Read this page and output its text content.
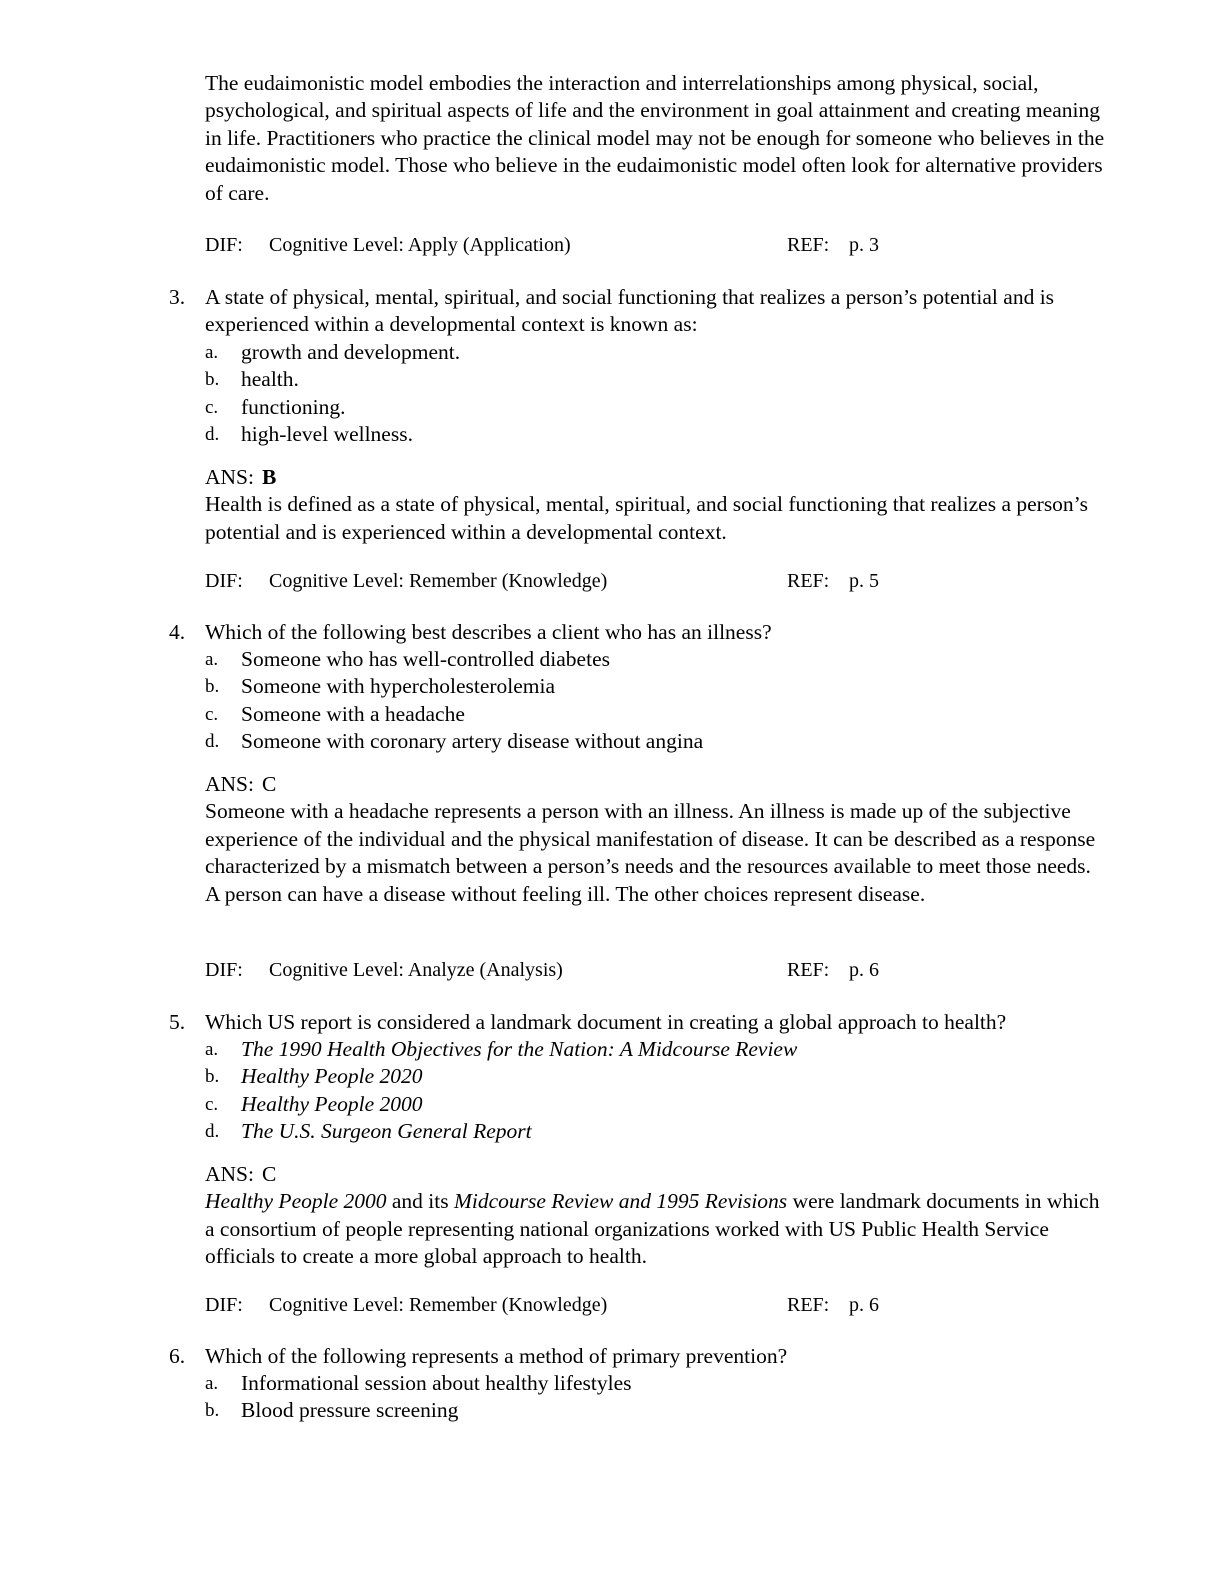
The eudaimonistic model embodies the interaction and interrelationships among physical, social, psychological, and spiritual aspects of life and the environment in goal attainment and creating meaning in life. Practitioners who practice the clinical model may not be enough for someone who believes in the eudaimonistic model. Those who believe in the eudaimonistic model often look for alternative providers of care.

DIF: Cognitive Level: Apply (Application)	REF: p. 3
3. A state of physical, mental, spiritual, and social functioning that realizes a person’s potential and is experienced within a developmental context is known as:

a. growth and development.
b. health.
c. functioning.
d. high-level wellness.
ANS: B

Health is defined as a state of physical, mental, spiritual, and social functioning that realizes a person’s potential and is experienced within a developmental context.

DIF: Cognitive Level: Remember (Knowledge)	REF: p. 5
4. Which of the following best describes a client who has an illness?

a. Someone who has well-controlled diabetes
b. Someone with hypercholesterolemia
c. Someone with a headache
d. Someone with coronary artery disease without angina
ANS: C

Someone with a headache represents a person with an illness. An illness is made up of the subjective experience of the individual and the physical manifestation of disease. It can be described as a response characterized by a mismatch between a person’s needs and the resources available to meet those needs. A person can have a disease without feeling ill. The other choices represent disease.

DIF: Cognitive Level: Analyze (Analysis)	REF: p. 6
5. Which US report is considered a landmark document in creating a global approach to health?

a. The 1990 Health Objectives for the Nation: A Midcourse Review
b. Healthy People 2020
c. Healthy People 2000
d. The U.S. Surgeon General Report
ANS: C

Healthy People 2000 and its Midcourse Review and 1995 Revisions were landmark documents in which a consortium of people representing national organizations worked with US Public Health Service officials to create a more global approach to health.

DIF: Cognitive Level: Remember (Knowledge)	REF: p. 6
6. Which of the following represents a method of primary prevention?

a. Informational session about healthy lifestyles
b. Blood pressure screening
